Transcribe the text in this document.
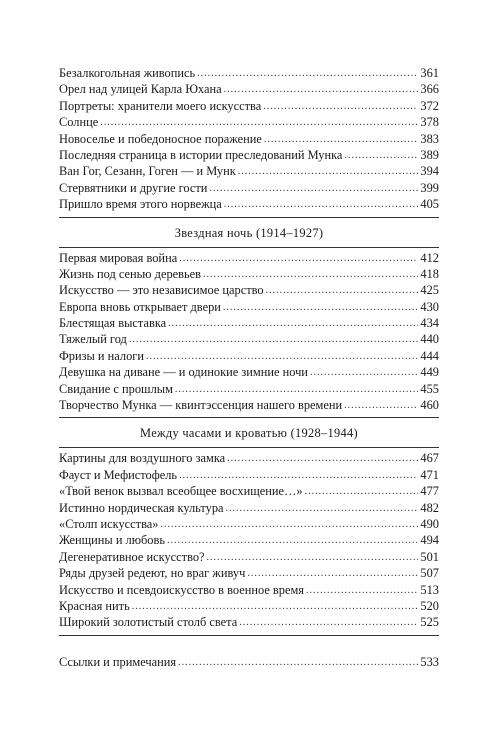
Безалкогольная живопись .....	361
Орел над улицей Карла Юхана .....	366
Портреты: хранители моего искусства .....	372
Солнце .....	378
Новоселье и победоносное поражение .....	383
Последняя страница в истории преследований Мунка .....	389
Ван Гог, Сезанн, Гоген — и Мунк .....	394
Стервятники и другие гости .....	399
Пришло время этого норвежца .....	405
Звездная ночь (1914–1927)
Первая мировая война .....	412
Жизнь под сенью деревьев .....	418
Искусство — это независимое царство .....	425
Европа вновь открывает двери .....	430
Блестящая выставка .....	434
Тяжелый год .....	440
Фризы и налоги .....	444
Девушка на диване — и одинокие зимние ночи .....	449
Свидание с прошлым .....	455
Творчество Мунка — квинтэссенция нашего времени .....	460
Между часами и кроватью (1928–1944)
Картины для воздушного замка .....	467
Фауст и Мефистофель .....	471
«Твой венок вызвал всеобщее восхищение…» .....	477
Истинно нордическая культура .....	482
«Столп искусства» .....	490
Женщины и любовь .....	494
Дегенеративное искусство? .....	501
Ряды друзей редеют, но враг живуч .....	507
Искусство и псевдоискусство в военное время .....	513
Красная нить .....	520
Широкий золотистый столб света .....	525
Ссылки и примечания .....	533
